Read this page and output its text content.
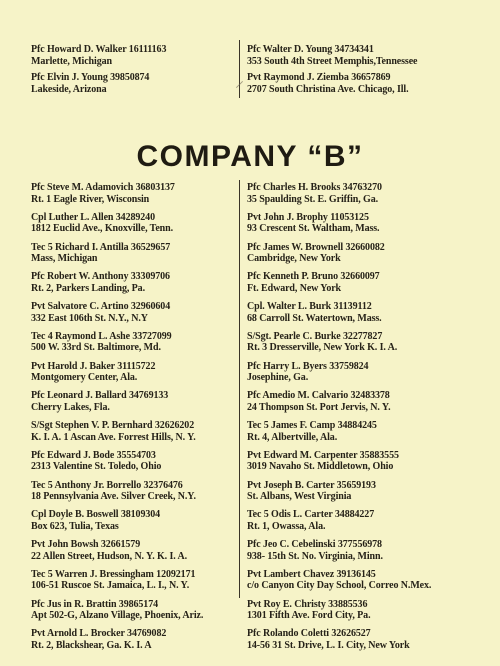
Pfc Howard D. Walker 16111163
Marlette, Michigan
Pfc Elvin J. Young 39850874
Lakeside, Arizona
Pfc Walter D. Young 34734341
353 South 4th Street Memphis,Tennessee
Pvt Raymond J. Ziemba 36657869
2707 South Christina Ave. Chicago, Ill.
COMPANY “B”
Pfc Steve M. Adamovich 36803137
Rt. 1 Eagle River, Wisconsin
Cpl Luther L. Allen 34289240
1812 Euclid Ave., Knoxville, Tenn.
Tec 5 Richard I. Antilla 36529657
Mass, Michigan
Pfc Robert W. Anthony 33309706
Rt. 2, Parkers Landing, Pa.
Pvt Salvatore C. Artino 32960604
332 East 106th St. N.Y., N.Y
Tec 4 Raymond L. Ashe 33727099
500 W. 33rd St. Baltimore, Md.
Pvt Harold J. Baker 31115722
Montgomery Center, Ala.
Pfc Leonard J. Ballard 34769133
Cherry Lakes, Fla.
S/Sgt Stephen V. P. Bernhard 32626202
K. I. A. 1 Ascan Ave. Forrest Hills, N. Y.
Pfc Edward J. Bode 35554703
2313 Valentine St. Toledo, Ohio
Tec 5 Anthony Jr. Borrello 32376476
18 Pennsylvania Ave. Silver Creek, N.Y.
Cpl Doyle B. Boswell 38109304
Box 623, Tulia, Texas
Pvt John Bowsh 32661579
22 Allen Street, Hudson, N. Y. K. I. A.
Tec 5 Warren J. Bressingham 12092171
106-51 Ruscoe St. Jamaica, L. I., N. Y.
Pfc Jus in R. Brattin 39865174
Apt 502-G, Alzano Village, Phoenix, Ariz.
Pvt Arnold L. Brocker 34769082
Rt. 2, Blackshear, Ga. K. I. A
Pfc Charles H. Brooks 34763270
35 Spaulding St. E. Griffin, Ga.
Pvt John J. Brophy 11053125
93 Crescent St. Waltham, Mass.
Pfc James W. Brownell 32660082
Cambridge, New York
Pfc Kenneth P. Bruno 32660097
Ft. Edward, New York
Cpl. Walter L. Burk 31139112
68 Carroll St. Watertown, Mass.
S/Sgt. Pearle C. Burke 32277827
Rt. 3 Dresserville, New York K. I. A.
Pfc Harry L. Byers 33759824
Josephine, Ga.
Pfc Amedio M. Calvario 32483378
24 Thompson St. Port Jervis, N. Y.
Tec 5 James F. Camp 34884245
Rt. 4, Albertville, Ala.
Pvt Edward M. Carpenter 35883555
3019 Navaho St. Middletown, Ohio
Pvt Joseph B. Carter 35659193
St. Albans, West Virginia
Tec 5 Odis L. Carter 34884227
Rt. 1, Owassa, Ala.
Pfc Jeo C. Cebelinski 377556978
938- 15th St. No. Virginia, Minn.
Pvt Lambert Chavez 39136145
c/o Canyon City Day School, Correo N.Mex.
Pvt Roy E. Christy 33885536
1301 Fifth Ave. Ford City, Pa.
Pfc Rolando Coletti 32626527
14-56 31 St. Drive, L. I. City, New York
